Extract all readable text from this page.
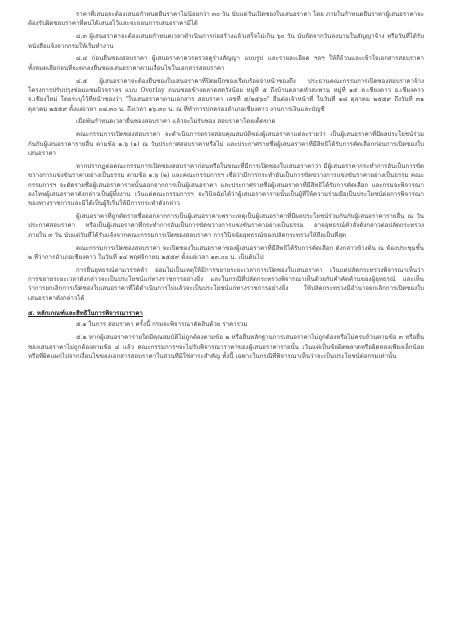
ราคาที่เสนอจะต้องเสนอกำหนดยืนราคาไม่น้อยกว่า ๓๐ วัน นับแต่วันเปิดซองใบเสนอราคา โดย ภายในกำหนดยืนราคาผู้เสนอราคาจะต้องรับผิดชอบราคาที่ตนได้เสนอไว้และจะถอนการเสนอราคามิได้

๔.๓ ผู้เสนอราคาจะต้องเสนอกำหนดเวลาดำเนินการก่อสร้างแล้วเสร็จไม่เกิน ๖๐ วัน นับถัดจากวันลงนามในสัญญาจ้าง หรือวันที่ได้รับหนังสือแจ้งจากกรมให้เริ่มทำงาน

๔.๔ ก่อนยื่นซองสอบราคา ผู้เสนอราคาควรตรวจดูร่างสัญญา แบบรูป และรายละเอียด ฯลฯ ให้ถี่ถ้วนและเข้าใจเอกสารสอบราคา ทั้งหมดเสียก่อนที่จะตกลงยื่นซองเสนอราคาตามเงื่อนไขในเอกสารสอบราคา

๔.๕ ผู้เสนอราคาจะต้องยื่นซองใบเสนอราคาที่ปิดผนึกซองเรียบร้อยจ่าหน้าซองถึง ประธานคณะกรรมการเปิดซองสอบราคาจ้างโครงการปรับปรุงซ่อมแซมผิวจราจร แบบ Overlay ถนนซอยข้างตลาดสดวังน้อย หมู่ที่ ๕ ถึงบ้านตลาดหัวสะพาน หมู่ที่ ๑๕ ต.เชียงคาว อ.เชียงคาว จ.เชียงใหม่ โดยระบุไว้ที่หน้าซองว่า "ใบเสนอราคาตามเอกสาร สอบราคา เลขที่ ๕/๒๕๖๐" ยื่นต่อเจ้าหน้าที่ ในวันที่ ๑๘ ตุลาคม ๒๕๕๙ ถึงวันที่ ๓๑ ตุลาคม ๒๕๕๙ ตั้งแต่เวลา ๐๘.๓๐ น. ถึงเวลา ๑๖.๓๐ น. ณ ที่ทำการปกครองอำเภอเชียงคาว งานการเงินและบัญชี

เมื่อพ้นกำหนดเวลายื่นซองสอบราคา แล้วจะไม่รับซอง สอบราคาโดยเด็ดขาด

คณะกรรมการเปิดซองสอบราคา จะดำเนินการตรวจสอบคุณสมบัติของผู้เสนอราคาแต่ละรายว่า เป็นผู้เสนอราคาที่มีผลประโยชน์ร่วมกันกับผู้เสนอราคารายอื่น ตามข้อ ๑.๖ (๑) ณ วันประกาศสอบราคาหรือไม่ และประกาศรายชื่อผู้เสนอราคาที่มีสิทธิได้รับการคัดเลือกก่อนการเปิดซองใบเสนอราคา

หากปรากฏต่อคณะกรรมการเปิดซองสอบราคาก่อนหรือในขณะที่มีการเปิดซองใบเสนอราคาว่า มีผู้เสนอราคากระทำการอันเป็นการขัดขวางการแข่งขันราคาอย่างเป็นธรรม ตามข้อ ๑.๖ (๒) และคณะกรรมการฯ เชื่อว่ามีการกระทำอันเป็นการขัดขวางการแข่งขันราคาอย่างเป็นธรรม คณะกรรมการฯ จะตัดรายชื่อผู้เสนอราคารายนั้นออกจากการเป็นผู้เสนอราคา และประกาศรายชื่อผู้เสนอราคาที่มีสิทธิได้รับการคัดเลือก และกรมจะพิจารณาลงโทษผู้เสนอราคาดังกล่าวเป็นผู้ทิ้งงาน เว้นแต่คณะกรรมการฯ จะวินิจฉัยได้ว่าผู้เสนอราคารายนั้นเป็นผู้ที่ให้ความร่วมมือเป็นประโยชน์ต่อการพิจารณาของทางราชการและมิได้เป็นผู้ริเริ่มให้มีการกระทำดังกล่าว

ผู้เสนอราคาที่ถูกตัดรายชื่อออกจากการเป็นผู้เสนอราคาเพราะเหตุเป็นผู้เสนอราคาที่มีผลประโยชน์ร่วมกันกับผู้เสนอราคารายอื่น ณ วันประกาศสอบราคา หรือเป็นผู้เสนอราคาที่กระทำการอันเป็นการขัดขวางการแข่งขันราคาอย่างเป็นธรรม อาจอุทธรณ์คำสั่งดังกล่าวต่อปลัดกระทรวงภายใน ๓ วัน นับแต่วันที่ได้รับแจ้งจากคณะกรรมการเปิดซองสอบราคา การวินิจฉัยอุทธรณ์ของปลัดกระทรวงให้ถือเป็นที่สุด

คณะกรรมการเปิดซองสอบราคา จะเปิดซองใบเสนอราคาของผู้เสนอราคาที่มีสิทธิได้รับการคัดเลือก ดังกล่าวข้างต้น ณ ห้องประชุมชั้น ๒ ที่ว่าการอำเภอเชียงคาว ในวันที่ ๑๔ พฤศจิกายน ๒๕๕๙ ตั้งแต่เวลา ๑๓.๐๐ น. เป็นต้นไป

การยื่นอุทธรณ์ตามวรรคห้า ย่อมไม่เป็นเหตุให้มีการขยายระยะเวลาการเปิดซองใบเสนอราคา เว้นแต่ปลัดกระทรวงพิจารณาเห็นว่า การขยายระยะเวลาดังกล่าวจะเป็นประโยชน์แก่ทางราชการอย่างยิ่ง และในกรณีที่ปลัดกระทรวงพิจารณาเห็นด้วยกับคำคัดค้านของผู้อุทธรณ์ และเห็นว่าการยกเลิกการเปิดซองใบเสนอราคาที่ได้ดำเนินการไปแล้วจะเป็นประโยชน์แก่ทางราชการอย่างยิ่ง ให้ปลัดกระทรวงมีอำนาจยกเลิกการเปิดซองใบเสนอราคาดังกล่าวได้

๕. หลักเกณฑ์และสิทธิในการพิจารณาราคา

๕.๑ ในการ สอบราคา ครั้งนี้ กรมจะพิจารณาตัดสินด้วย ราคารวม

๕.๒ หากผู้เสนอราคารายใดมีคุณสมบัติไม่ถูกต้องตามข้อ ๒ หรือยื่นหลักฐานการเสนอราคาไม่ถูกต้องหรือไม่ครบถ้วนตามข้อ ๓ หรือยื่นซองเสนอราคาไม่ถูกต้องตามข้อ ๔ แล้ว คณะกรรมการฯจะไม่รับพิจารณาราคาของผู้เสนอราคารายนั้น เว้นแต่เป็นข้อผิดพลาดหรือผิดหลงเพียงเล็กน้อย หรือที่ผิดแผกไปจากเงื่อนไขของเอกสารสอบราคาในส่วนที่มิใช่สาระสำคัญ ทั้งนี้ เฉพาะในกรณีที่พิจารณาเห็นว่าจะเป็นประโยชน์ต่อกรมเท่านั้น
